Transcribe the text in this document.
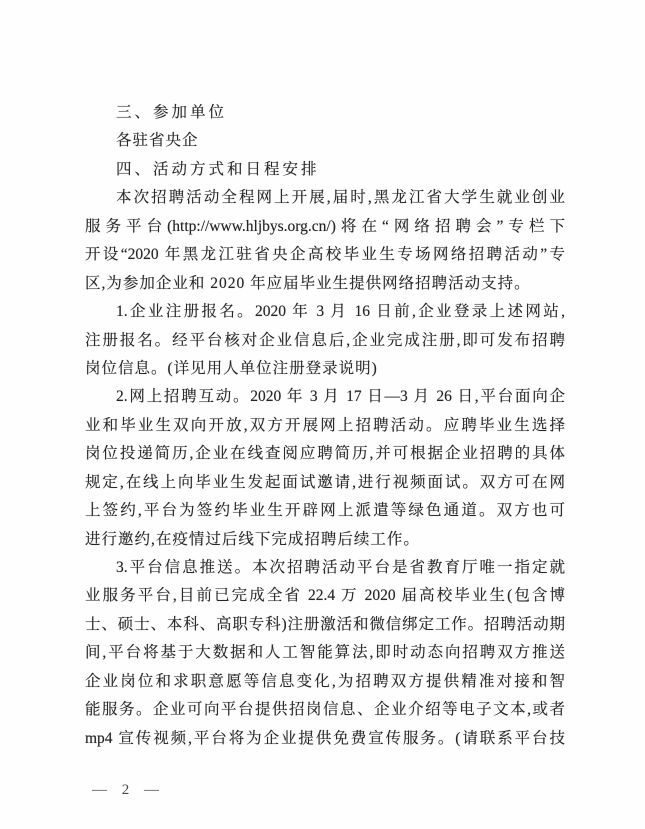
三、参加单位
各驻省央企
四、活动方式和日程安排
本次招聘活动全程网上开展,届时,黑龙江省大学生就业创业
服务平台(http://www.hljbys.org.cn/)将在“网络招聘会”专栏下
开设“2020 年黑龙江驻省央企高校毕业生专场网络招聘活动”专
区,为参加企业和 2020 年应届毕业生提供网络招聘活动支持。
1.企业注册报名。2020 年 3 月 16 日前,企业登录上述网站,
注册报名。经平台核对企业信息后,企业完成注册,即可发布招聘
岗位信息。(详见用人单位注册登录说明)
2.网上招聘互动。2020 年 3 月 17 日—3 月 26 日,平台面向企
业和毕业生双向开放,双方开展网上招聘活动。应聘毕业生选择
岗位投递简历,企业在线查阅应聘简历,并可根据企业招聘的具体
规定,在线上向毕业生发起面试邀请,进行视频面试。双方可在网
上签约,平台为签约毕业生开辟网上派遣等绿色通道。双方也可
进行邀约,在疫情过后线下完成招聘后续工作。
3.平台信息推送。本次招聘活动平台是省教育厅唯一指定就
业服务平台,目前已完成全省 22.4 万 2020 届高校毕业生(包含博
士、硕士、本科、高职专科)注册激活和微信绑定工作。招聘活动期
间,平台将基于大数据和人工智能算法,即时动态向招聘双方推送
企业岗位和求职意愿等信息变化,为招聘双方提供精准对接和智
能服务。企业可向平台提供招岗信息、企业介绍等电子文本,或者
mp4 宣传视频,平台将为企业提供免费宣传服务。(请联系平台技
— 2 —
